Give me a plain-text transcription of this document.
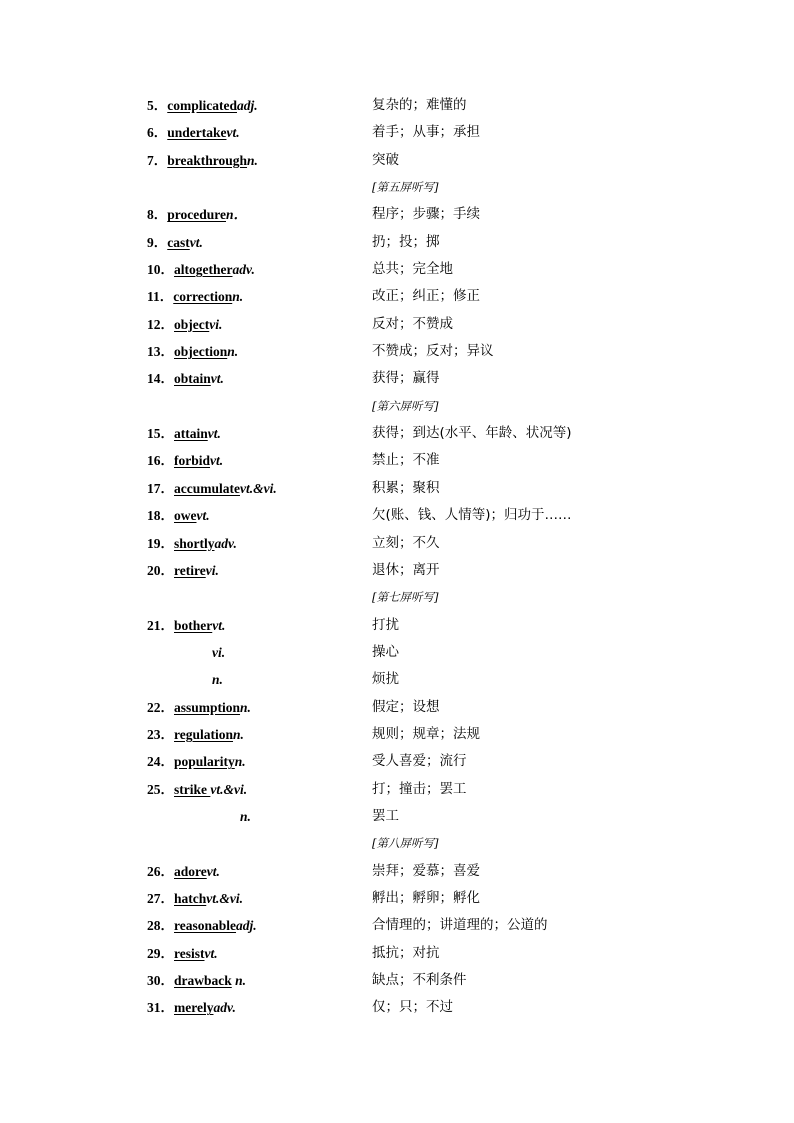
5．complicatedadj.	复杂的；难懂的
6．undertakevt.	着手；从事；承担
7．breakthroughn.	突破
[第五屏听写]
8．proceduren．	程序；步骤；手续
9．castvt.	扔；投；掷
10．altogetheradv.	总共；完全地
11．correctionn.	改正；纠正；修正
12．objectvi.	反对；不赞成
13．objectionn.	不赞成；反对；异议
14．obtainvt.	获得；赢得
[第六屏听写]
15．attainvt.	获得；到达(水平、年龄、状况等)
16．forbidvt.	禁止；不准
17．accumulatevt.&vi.	积累；聚积
18．owevt.	欠(账、钱、人情等)；归功于……
19．shortlyadv.	立刻；不久
20．retirevi.	退休；离开
[第七屏听写]
21．bothervt.	打扰
vi.	操心
n.	烦扰
22．assumptionn.	假定；设想
23．regulationn.	规则；规章；法规
24．popularityn.	受人喜爱；流行
25．strike vt.&vi.	打；撞击；罢工
n.	罢工
[第八屏听写]
26．adorevt.	崇拜；爱慕；喜爱
27．hatchvt.&vi.	孵出；孵卵；孵化
28．reasonableadj.	合情理的；讲道理的；公道的
29．resistvt.	抵抗；对抗
30．drawback n.	缺点；不利条件
31．merelyadv.	仅；只；不过
